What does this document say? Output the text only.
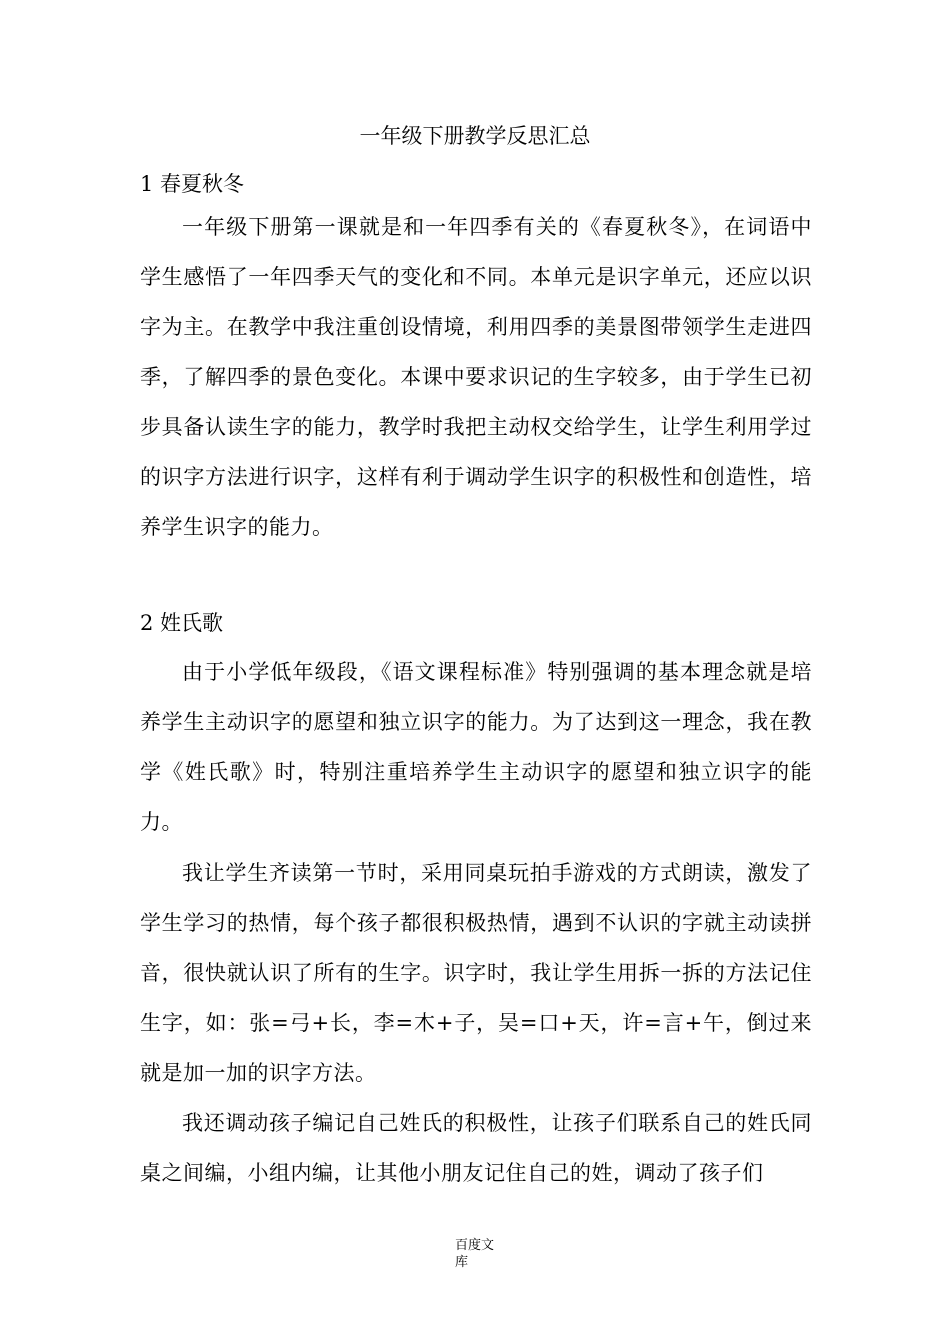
一年级下册教学反思汇总
1 春夏秋冬

一年级下册第一课就是和一年四季有关的《春夏秋冬》，在词语中学生感悟了一年四季天气的变化和不同。本单元是识字单元，还应以识字为主。在教学中我注重创设情境，利用四季的美景图带领学生走进四季，了解四季的景色变化。本课中要求识记的生字较多，由于学生已初步具备认读生字的能力，教学时我把主动权交给学生，让学生利用学过的识字方法进行识字，这样有利于调动学生识字的积极性和创造性，培养学生识字的能力。

2 姓氏歌

由于小学低年级段，《语文课程标准》特别强调的基本理念就是培养学生主动识字的愿望和独立识字的能力。为了达到这一理念，我在教学《姓氏歌》时，特别注重培养学生主动识字的愿望和独立识字的能力。

我让学生齐读第一节时，采用同桌玩拍手游戏的方式朗读，激发了学生学习的热情，每个孩子都很积极热情，遇到不认识的字就主动读拼音，很快就认识了所有的生字。识字时，我让学生用拆一拆的方法记住生字，如：张=弓+长，李=木+子，吴=口+天，许=言+午，倒过来就是加一加的识字方法。

我还调动孩子编记自己姓氏的积极性，让孩子们联系自己的姓氏同桌之间编，小组内编，让其他小朋友记住自己的姓，调动了孩子们

百度文库
